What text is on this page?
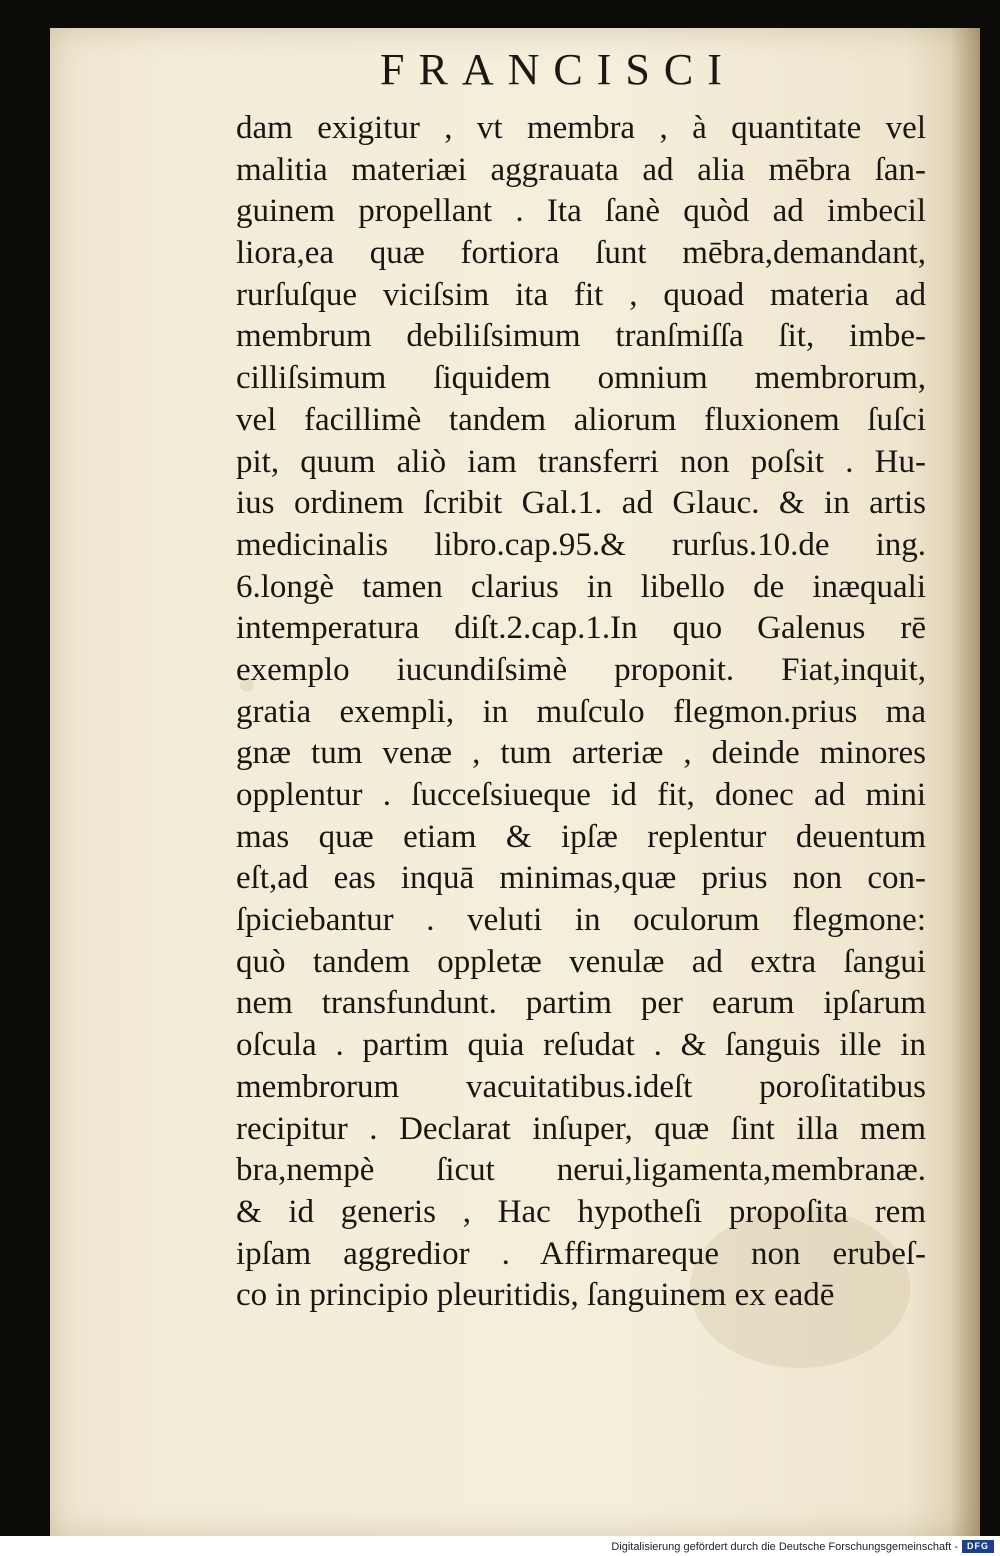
FRANCISCI
dam exigitur , vt membra , à quantitate vel
malitia materiæi aggrauata ad alia mēbra ſan-
guinem propellant . Ita ſanè quòd ad imbecil
liora,ea quæ fortiora ſunt mēbra,demandant,
rurſuſque viciſsim ita fit , quoad materia ad
membrum debiliſsimum tranſmiſſa ſit, imbe-
cilliſsimum ſiquidem omnium membrorum,
vel facillimè tandem aliorum fluxionem ſuſci
pit, quum aliò iam transferri non poſsit . Hu-
ius ordinem ſcribit Gal.1. ad Glauc. & in artis
medicinalis libro.cap.95.& rurſus.10.de ing.
6.longè tamen clarius in libello de inæquali
intemperatura diſt.2.cap.1.In quo Galenus rē
exemplo iucundiſsimè proponit. Fiat,inquit,
gratia exempli, in muſculo flegmon.prius ma
gnæ tum venæ , tum arteriæ , deinde minores
opplentur . ſucceſsiueque id fit, donec ad mini
mas quæ etiam & ipſæ replentur deuentum
eſt,ad eas inquā minimas,quæ prius non con-
ſpiciebantur . veluti in oculorum flegmone:
quò tandem oppletæ venulæ ad extra ſangui
nem transfundunt. partim per earum ipſarum
oſcula . partim quia reſudat . & ſanguis ille in
membrorum vacuitatibus.ideſt poroſitatibus
recipitur . Declarat inſuper, quæ ſint illa mem
bra,nempè ſicut nerui,ligamenta,membranæ.
& id generis , Hac hypotheſi propoſita rem
ipſam aggredior . Affirmareque non erubeſ-
co in principio pleuritidis, ſanguinem ex eadē
Digitalisierung gefördert durch die Deutsche Forschungsgemeinschaft -	DFG
